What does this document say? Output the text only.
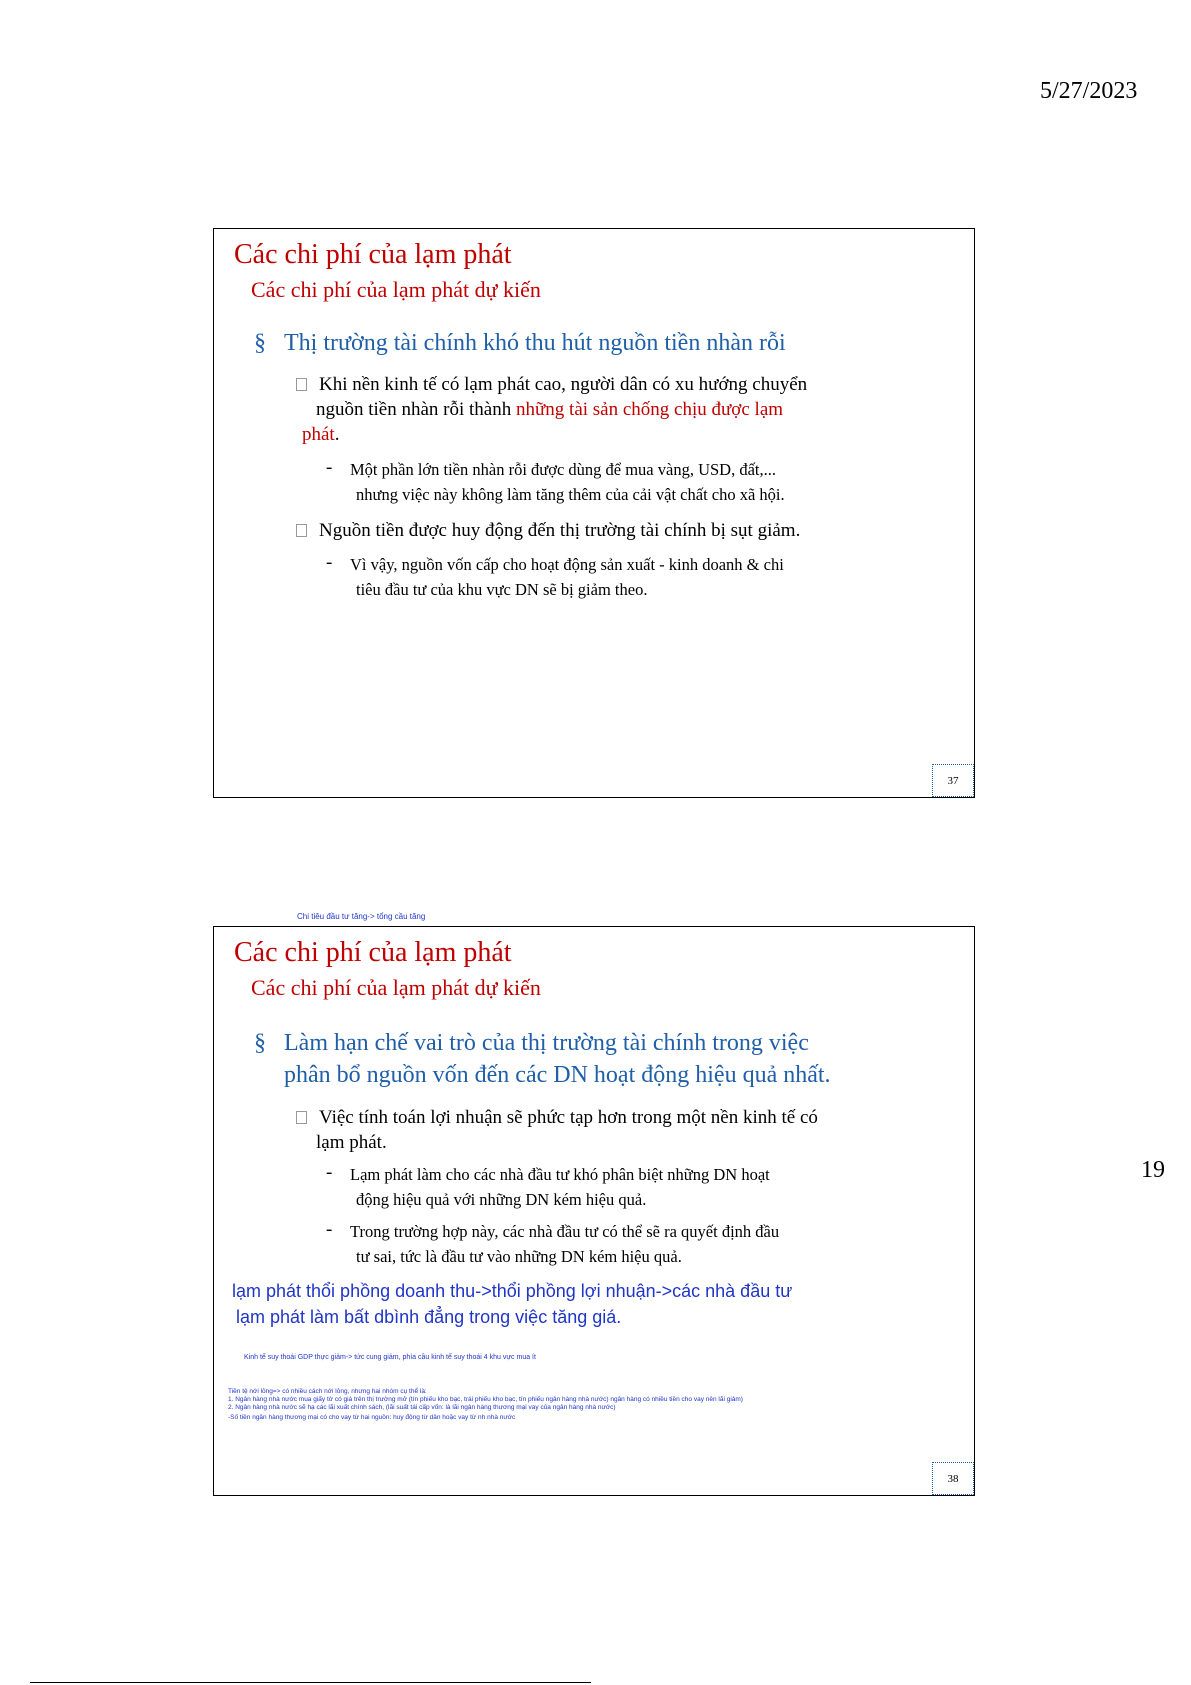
5/27/2023
Các chi phí của lạm phát
Các chi phí của lạm phát dự kiến
§ Thị trường tài chính khó thu hút nguồn tiền nhàn rỗi
Khi nền kinh tế có lạm phát cao, người dân có xu hướng chuyển
nguồn tiền nhàn rỗi thành những tài sản chống chịu được lạm
phát.
-	Một phần lớn tiền nhàn rỗi được dùng để mua vàng, USD, đất,...
nhưng việc này không làm tăng thêm của cải vật chất cho xã hội.
Nguồn tiền được huy động đến thị trường tài chính bị sụt giảm.
-	Vì vậy, nguồn vốn cấp cho hoạt động sản xuất - kinh doanh & chi
tiêu đầu tư của khu vực DN sẽ bị giảm theo.
37
Chi tiêu đầu tư tăng-> tổng cầu tăng
Các chi phí của lạm phát
Các chi phí của lạm phát dự kiến
§ Làm hạn chế vai trò của thị trường tài chính trong việc
phân bổ nguồn vốn đến các DN hoạt động hiệu quả nhất.
Việc tính toán lợi nhuận sẽ phức tạp hơn trong một nền kinh tế có
lạm phát.
-	Lạm phát làm cho các nhà đầu tư khó phân biệt những DN hoạt
động hiệu quả với những DN kém hiệu quả.
-	Trong trường hợp này, các nhà đầu tư có thể sẽ ra quyết định đầu
tư sai, tức là đầu tư vào những DN kém hiệu quả.
lạm phát thổi phồng doanh thu->thổi phồng lợi nhuận->các nhà đầu tư
lạm phát làm bất dbình đẳng trong việc tăng giá.
Kinh tế suy thoái GDP thực giảm-> tức cung giảm, phía cầu kinh tế suy thoái 4 khu vực mua ít
Tiền tệ nới lỏng=> có nhiều cách nới lỏng, nhưng hai nhóm cụ thể là:
1. Ngân hàng nhà nước mua giấy tờ có giá trên thị trường mở (tín phiếu kho bạc, trái phiếu kho bạc, tín phiếu ngân hàng nhà nước) ngân hàng có nhiều tiền cho vay nên lãi giảm)
2. Ngân hàng nhà nước sẽ hạ các lãi xuất chính sách, (lãi suất tái cấp vốn: là lãi ngân hàng thương mại vay của ngân hàng nhà nước)
-Số tiền ngân hàng thương mại có cho vay từ hai nguồn: huy động từ dân hoặc vay từ nh nhà nước
38
19
